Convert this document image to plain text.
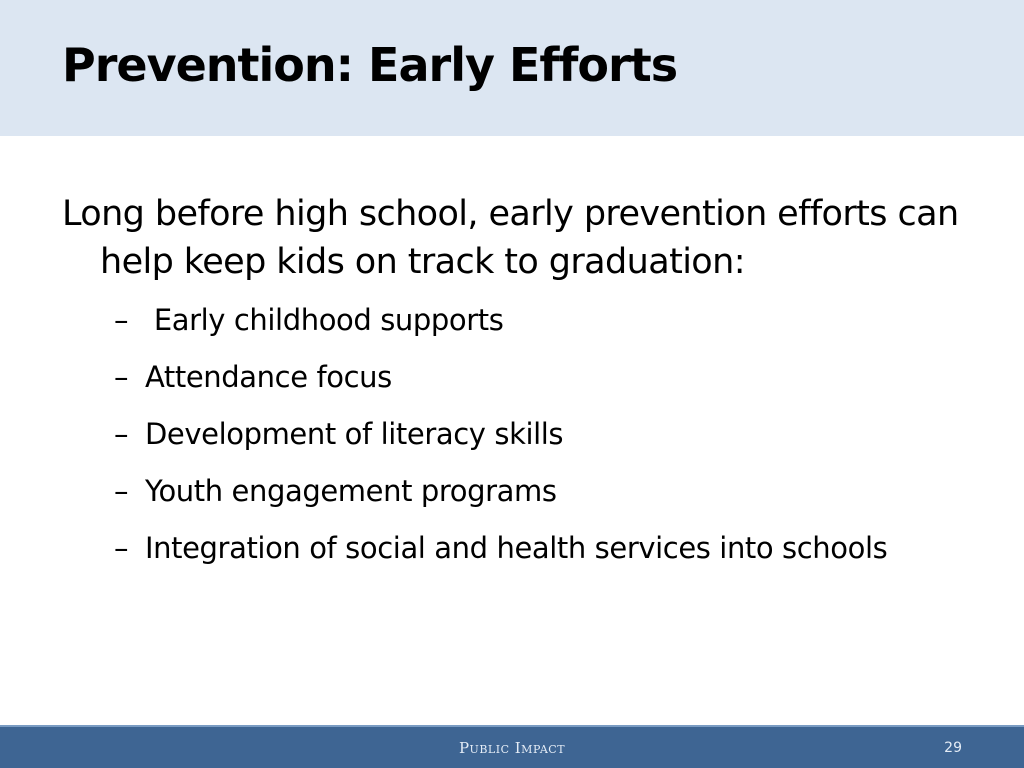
Prevention: Early Efforts

Long before high school, early prevention efforts can help keep kids on track to graduation:

– Early childhood supports
– Attendance focus
– Development of literacy skills
– Youth engagement programs
– Integration of social and health services into schools
Public Impact	29
